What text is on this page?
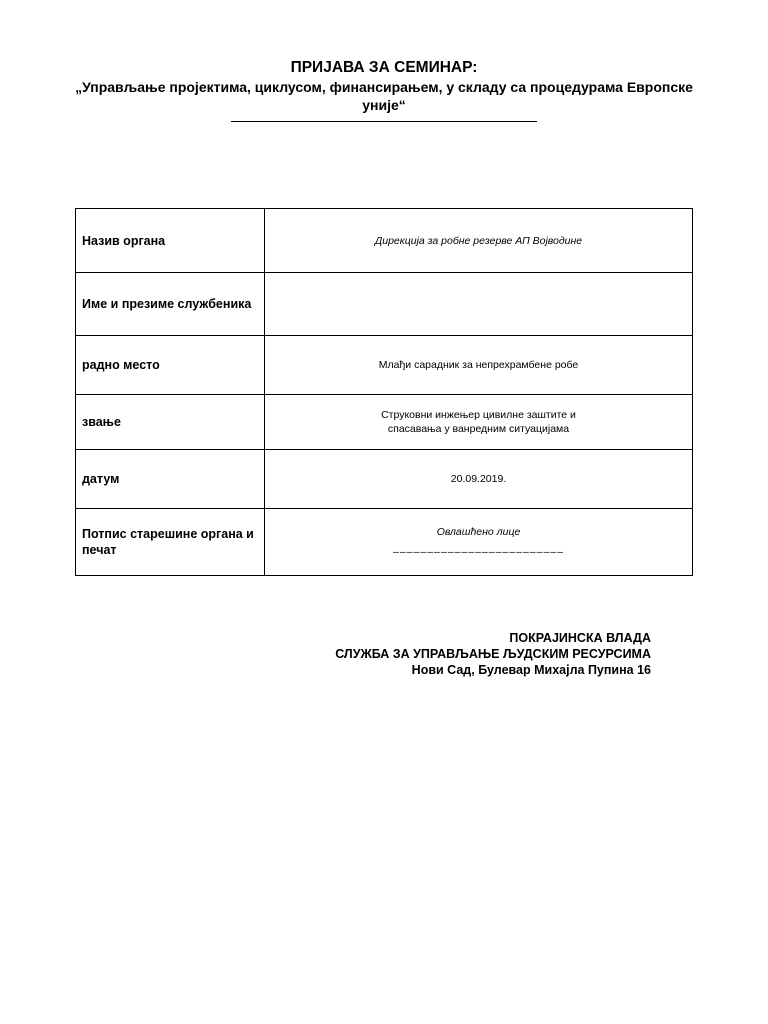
ПРИЈАВА ЗА СЕМИНАР:

„Управљање пројектима, циклусом, финансирањем, у складу са процедурама Европске уније“

Назив органа	Дирекција за робне резерве АП Војводине
Име и презиме службеника	
радно место	Млађи сарадник за непрехрамбене робе
звање	Струковни инжењер цивилне заштите и
спасавања у ванредним ситуацијама

датум	20.09.2019.
Потпис старешине органа и печат	Овлашћено лице
–––––––––––––––––––––––––
ПОКРАЈИНСКА ВЛАДА
СЛУЖБА ЗА УПРАВЉАЊЕ ЉУДСКИМ РЕСУРСИМА
Нови Сад, Булевар Михајла Пупина 16
